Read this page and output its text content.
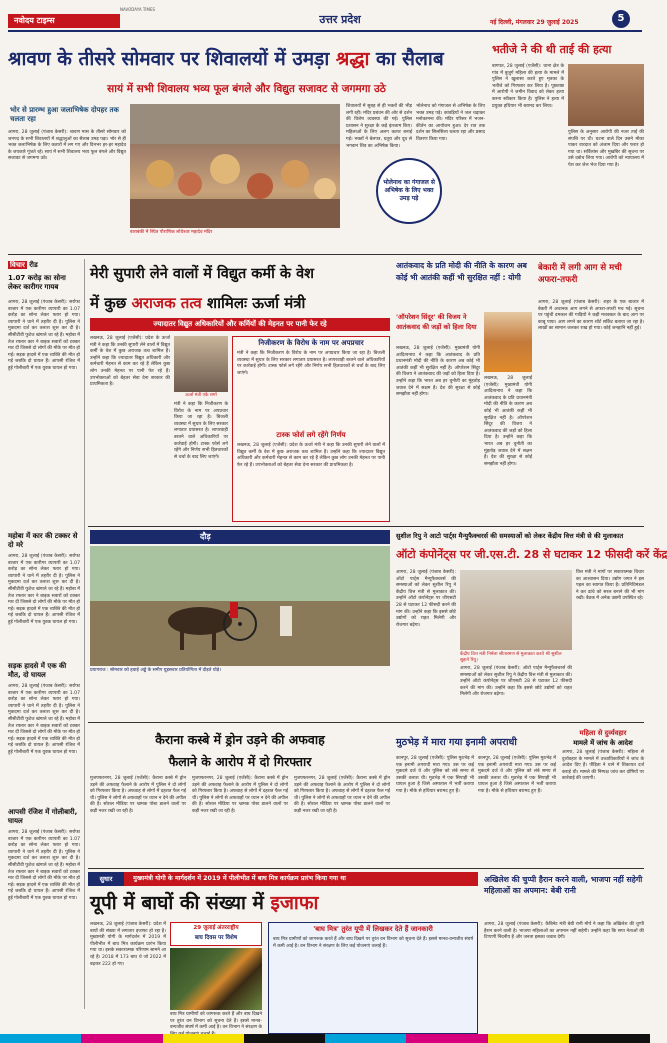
नवोदय टाइम्स
NAVODAYA TIMES
उत्तर प्रदेश	नई दिल्ली, मंगलवार 29 जुलाई 2025	5
श्रावण के तीसरे सोमवार पर शिवालयों में उमड़ा श्रद्धा का सैलाब
सायं में सभी शिवालय भव्य फूल बंगले और विद्युत सजावट से जगमगा उठे
भोर से प्रारम्भ हुआ जलाभिषेक दोपहर तक चलता रहा
बाराबंकी में स्थित पौराणिक लोधेश्वर महादेव मंदिर
आगरा, 28 जुलाई (पंजाब केसरी): श्रावण मास के तीसरे सोमवार को जनपद के सभी शिवालयों में श्रद्धालुओं का सैलाब उमड़ पड़ा। भोर से ही भक्त जलाभिषेक के लिए कतारों में लग गए और दिनभर हर-हर महादेव के जयकारे गूंजते रहे। सायं में सभी शिवालय भव्य फूल बंगले और विद्युत सजावट से जगमगा उठे।
शिवालयों में सुबह से ही भक्तों की भीड़ लगी रही। मंदिर प्रबंधन की ओर से दर्शन की विशेष व्यवस्था की गई। पुलिस प्रशासन ने सुरक्षा के कड़े इंतजाम किए। महिलाओं के लिए अलग कतार बनाई गई। भक्तों ने बेलपत्र, धतूरा और दूध से भगवान शिव का अभिषेक किया।
भोलेनाथ को गंगाजल से अभिषेक के लिए भक्त उमड़ पड़े। कांवड़ियों ने जल चढ़ाकर मनोकामना की। मंदिर परिसर में भजन-कीर्तन का आयोजन हुआ। देर रात तक दर्शन का सिलसिला चलता रहा और प्रसाद वितरण किया गया।
भोलेनाथ का गंगाजल से अभिषेक के लिए भक्त उमड़ पड़े
भतीजे ने की थी ताई की हत्या
बागपत, 28 जुलाई (एजेंसी): थाना क्षेत्र के गांव में बुजुर्ग महिला की हत्या के मामले में पुलिस ने खुलासा करते हुए मृतका के भतीजे को गिरफ्तार कर लिया है। पूछताछ में आरोपी ने जमीन विवाद को लेकर हत्या करना स्वीकार किया है। पुलिस ने हत्या में प्रयुक्त हथियार भी बरामद कर लिया।
पुलिस के अनुसार आरोपी की नजर ताई की संपत्ति पर थी। घटना वाले दिन उसने मौका पाकर वारदात को अंजाम दिया और फरार हो गया था। सर्विलांस और मुखबिर की सूचना पर उसे दबोच लिया गया। आरोपी को न्यायालय में पेश कर जेल भेज दिया गया है।
विचार रीड
1.07 करोड़ का सोना लेकर कारीगर गायब
आगरा, 28 जुलाई (पंजाब केसरी): सर्राफा बाजार में एक कारीगर व्यापारी का 1.07 करोड़ का सोना लेकर फरार हो गया। व्यापारी ने थाने में तहरीर दी है। पुलिस ने मुकदमा दर्ज कर तलाश शुरू कर दी है। सीसीटीवी फुटेज खंगाले जा रहे हैं। महोबा में तेज रफ्तार कार ने बाइक सवारों को टक्कर मार दी जिससे दो लोगों की मौके पर मौत हो गई। सड़क हादसे में एक व्यक्ति की मौत हो गई जबकि दो घायल हैं। आपसी रंजिश में हुई गोलीबारी में एक युवक घायल हो गया।
महोबा में कार की टक्कर से दो मरे
आगरा, 28 जुलाई (पंजाब केसरी): सर्राफा बाजार में एक कारीगर व्यापारी का 1.07 करोड़ का सोना लेकर फरार हो गया। व्यापारी ने थाने में तहरीर दी है। पुलिस ने मुकदमा दर्ज कर तलाश शुरू कर दी है। सीसीटीवी फुटेज खंगाले जा रहे हैं। महोबा में तेज रफ्तार कार ने बाइक सवारों को टक्कर मार दी जिससे दो लोगों की मौके पर मौत हो गई। सड़क हादसे में एक व्यक्ति की मौत हो गई जबकि दो घायल हैं। आपसी रंजिश में हुई गोलीबारी में एक युवक घायल हो गया।
सड़क हादसे में एक की मौत, दो घायल
आगरा, 28 जुलाई (पंजाब केसरी): सर्राफा बाजार में एक कारीगर व्यापारी का 1.07 करोड़ का सोना लेकर फरार हो गया। व्यापारी ने थाने में तहरीर दी है। पुलिस ने मुकदमा दर्ज कर तलाश शुरू कर दी है। सीसीटीवी फुटेज खंगाले जा रहे हैं। महोबा में तेज रफ्तार कार ने बाइक सवारों को टक्कर मार दी जिससे दो लोगों की मौके पर मौत हो गई। सड़क हादसे में एक व्यक्ति की मौत हो गई जबकि दो घायल हैं। आपसी रंजिश में हुई गोलीबारी में एक युवक घायल हो गया।
आपसी रंजिश में गोलीबारी, घायल
आगरा, 28 जुलाई (पंजाब केसरी): सर्राफा बाजार में एक कारीगर व्यापारी का 1.07 करोड़ का सोना लेकर फरार हो गया। व्यापारी ने थाने में तहरीर दी है। पुलिस ने मुकदमा दर्ज कर तलाश शुरू कर दी है। सीसीटीवी फुटेज खंगाले जा रहे हैं। महोबा में तेज रफ्तार कार ने बाइक सवारों को टक्कर मार दी जिससे दो लोगों की मौके पर मौत हो गई। सड़क हादसे में एक व्यक्ति की मौत हो गई जबकि दो घायल हैं। आपसी रंजिश में हुई गोलीबारी में एक युवक घायल हो गया।
मेरी सुपारी लेने वालों में विद्युत कर्मी के वेश
में कुछ अराजक तत्व शामिलः ऊर्जा मंत्री
ज्यादातर विद्युत अधिकारियों और कर्मियों की मेहनत पर पानी फेर रहे
लखनऊ, 28 जुलाई (एजेंसी): प्रदेश के ऊर्जा मंत्री ने कहा कि उनकी सुपारी लेने वालों में विद्युत कर्मी के वेश में कुछ अराजक तत्व शामिल हैं। उन्होंने कहा कि ज्यादातर विद्युत अधिकारी और कर्मचारी मेहनत से काम कर रहे हैं लेकिन कुछ लोग उनकी मेहनत पर पानी फेर रहे हैं। उपभोक्ताओं को बेहतर सेवा देना सरकार की प्राथमिकता है।
ऊर्जा मंत्री एके शर्मा
मंत्री ने कहा कि निजीकरण के विरोध के नाम पर अपप्रचार किया जा रहा है। बिजली व्यवस्था में सुधार के लिए सरकार लगातार प्रयासरत है। लापरवाही बरतने वाले अधिकारियों पर कार्रवाई होगी। टास्क फोर्स लगे रहेंगे और निर्णय सभी हितधारकों से चर्चा के बाद लिए जाएंगे।
निजीकरण के विरोध के नाम पर अपप्रचार
मंत्री ने कहा कि निजीकरण के विरोध के नाम पर अपप्रचार किया जा रहा है। बिजली व्यवस्था में सुधार के लिए सरकार लगातार प्रयासरत है। लापरवाही बरतने वाले अधिकारियों पर कार्रवाई होगी। टास्क फोर्स लगे रहेंगे और निर्णय सभी हितधारकों से चर्चा के बाद लिए जाएंगे।
टास्क फोर्स लगे रहेंगे निर्णय
लखनऊ, 28 जुलाई (एजेंसी): प्रदेश के ऊर्जा मंत्री ने कहा कि उनकी सुपारी लेने वालों में विद्युत कर्मी के वेश में कुछ अराजक तत्व शामिल हैं। उन्होंने कहा कि ज्यादातर विद्युत अधिकारी और कर्मचारी मेहनत से काम कर रहे हैं लेकिन कुछ लोग उनकी मेहनत पर पानी फेर रहे हैं। उपभोक्ताओं को बेहतर सेवा देना सरकार की प्राथमिकता है।
आतंकवाद के प्रति मोदी की नीति के कारण अब कोई भी आतंकी कहीं भी सुरक्षित नहीं : योगी
'ऑपरेशन सिंदूर' की विजय ने आतंकवाद की जड़ों को हिला दिया
लखनऊ, 28 जुलाई (एजेंसी): मुख्यमंत्री योगी आदित्यनाथ ने कहा कि आतंकवाद के प्रति प्रधानमंत्री मोदी की नीति के कारण अब कोई भी आतंकी कहीं भी सुरक्षित नहीं है। ऑपरेशन सिंदूर की विजय ने आतंकवाद की जड़ों को हिला दिया है। उन्होंने कहा कि भारत अब हर चुनौती का मुंहतोड़ जवाब देने में सक्षम है। देश की सुरक्षा से कोई समझौता नहीं होगा।
लखनऊ, 28 जुलाई (एजेंसी): मुख्यमंत्री योगी आदित्यनाथ ने कहा कि आतंकवाद के प्रति प्रधानमंत्री मोदी की नीति के कारण अब कोई भी आतंकी कहीं भी सुरक्षित नहीं है। ऑपरेशन सिंदूर की विजय ने आतंकवाद की जड़ों को हिला दिया है। उन्होंने कहा कि भारत अब हर चुनौती का मुंहतोड़ जवाब देने में सक्षम है। देश की सुरक्षा से कोई समझौता नहीं होगा।
बेकारी में लगी आग से मची अफरा-तफरी
आगरा, 28 जुलाई (पंजाब केसरी): शहर के एक बाजार में बेकरी में अचानक आग लगने से अफरा-तफरी मच गई। सूचना पर पहुंची दमकल की गाड़ियों ने कड़ी मशक्कत के बाद आग पर काबू पाया। आग लगने का कारण शॉर्ट सर्किट बताया जा रहा है। लाखों का सामान जलकर राख हो गया। कोई जनहानि नहीं हुई।
दौड़
प्रयागराज : सोमवार को हवाई अड्डे के समीप घुड़सवार प्रतियोगिता में दौड़ते घोड़े।
सुशील रिपु ने आटो पार्ट्स मैन्युफैक्चरर्स की समस्याओं को लेकर केंद्रीय वित्त मंत्री से की मुलाकात
ऑटो कंपोनेंट्स पर जी.एस.टी. 28 से घटाकर 12 फीसदी करें केंद्र
आगरा, 28 जुलाई (पंजाब केसरी): ऑटो पार्ट्स मैन्युफैक्चरर्स की समस्याओं को लेकर सुशील रिपु ने केंद्रीय वित्त मंत्री से मुलाकात की। उन्होंने ऑटो कंपोनेंट्स पर जीएसटी 28 से घटाकर 12 फीसदी करने की मांग की। उन्होंने कहा कि इससे छोटे उद्योगों को राहत मिलेगी और रोजगार बढ़ेगा।
केंद्रीय वित्त मंत्री निर्मला सीतारमण से मुलाकात करते श्री सुशील सुहाने रिपु।
वित्त मंत्री ने मांगों पर सकारात्मक विचार का आश्वासन दिया। उद्योग जगत ने इस पहल का स्वागत किया है। प्रतिनिधिमंडल ने कर ढांचे को सरल बनाने की भी मांग रखी। बैठक में अनेक उद्यमी उपस्थित रहे।
आगरा, 28 जुलाई (पंजाब केसरी): ऑटो पार्ट्स मैन्युफैक्चरर्स की समस्याओं को लेकर सुशील रिपु ने केंद्रीय वित्त मंत्री से मुलाकात की। उन्होंने ऑटो कंपोनेंट्स पर जीएसटी 28 से घटाकर 12 फीसदी करने की मांग की। उन्होंने कहा कि इससे छोटे उद्योगों को राहत मिलेगी और रोजगार बढ़ेगा।
कैराना कस्बे में ड्रोन उड़ने की अफवाह
फैलाने के आरोप में दो गिरफ्तार
मुजफ्फरनगर, 28 जुलाई (एजेंसी): कैराना कस्बे में ड्रोन उड़ने की अफवाह फैलाने के आरोप में पुलिस ने दो लोगों को गिरफ्तार किया है। अफवाह से लोगों में दहशत फैल गई थी। पुलिस ने लोगों से अफवाहों पर ध्यान न देने की अपील की है। सोशल मीडिया पर भ्रामक पोस्ट डालने वालों पर कड़ी नजर रखी जा रही है।
मुजफ्फरनगर, 28 जुलाई (एजेंसी): कैराना कस्बे में ड्रोन उड़ने की अफवाह फैलाने के आरोप में पुलिस ने दो लोगों को गिरफ्तार किया है। अफवाह से लोगों में दहशत फैल गई थी। पुलिस ने लोगों से अफवाहों पर ध्यान न देने की अपील की है। सोशल मीडिया पर भ्रामक पोस्ट डालने वालों पर कड़ी नजर रखी जा रही है।
मुजफ्फरनगर, 28 जुलाई (एजेंसी): कैराना कस्बे में ड्रोन उड़ने की अफवाह फैलाने के आरोप में पुलिस ने दो लोगों को गिरफ्तार किया है। अफवाह से लोगों में दहशत फैल गई थी। पुलिस ने लोगों से अफवाहों पर ध्यान न देने की अपील की है। सोशल मीडिया पर भ्रामक पोस्ट डालने वालों पर कड़ी नजर रखी जा रही है।
मुठभेड़ में मारा गया इनामी अपराधी
कानपुर, 28 जुलाई (एजेंसी): पुलिस मुठभेड़ में एक इनामी अपराधी मारा गया। उस पर कई मुकदमे दर्ज थे और पुलिस को लंबे समय से उसकी तलाश थी। मुठभेड़ में एक सिपाही भी घायल हुआ है जिसे अस्पताल में भर्ती कराया गया है। मौके से हथियार बरामद हुए हैं।
कानपुर, 28 जुलाई (एजेंसी): पुलिस मुठभेड़ में एक इनामी अपराधी मारा गया। उस पर कई मुकदमे दर्ज थे और पुलिस को लंबे समय से उसकी तलाश थी। मुठभेड़ में एक सिपाही भी घायल हुआ है जिसे अस्पताल में भर्ती कराया गया है। मौके से हथियार बरामद हुए हैं।
महिला से दुर्व्यवहार
मामले में जांच के आदेश
आगरा, 28 जुलाई (पंजाब केसरी): महिला से दुर्व्यवहार के मामले में उच्चाधिकारियों ने जांच के आदेश दिए हैं। पीड़िता ने थाने में शिकायत दर्ज कराई थी। मामले की निष्पक्ष जांच कर दोषियों पर कार्रवाई की जाएगी।
सुधार	मुख्यमंत्री योगी के मार्गदर्शन में 2019 में पीलीभीत में बाघ मित्र कार्यक्रम प्रारंभ किया गया था
यूपी में बाघों की संख्या में इजाफा
लखनऊ, 28 जुलाई (पंजाब केसरी): प्रदेश में बाघों की संख्या में लगातार इजाफा हो रहा है। मुख्यमंत्री योगी के मार्गदर्शन में 2019 में पीलीभीत में बाघ मित्र कार्यक्रम प्रारंभ किया गया था। इसके सकारात्मक परिणाम सामने आ रहे हैं। 2018 में 173 बाघ थे जो 2022 में बढ़कर 222 हो गए।
29 जुलाई अंतरराष्ट्रीय
बाघ दिवस पर विशेष
बाघ मित्र ग्रामीणों को जागरूक करते हैं और बाघ दिखने पर तुरंत वन विभाग को सूचना देते हैं। इससे मानव-वन्यजीव संघर्ष में कमी आई है। वन विभाग ने संरक्षण के
'बाघ मित्र' तुरंत यूपी में लिखकर देते हैं जानकारी
बाघ मित्र ग्रामीणों को जागरूक करते हैं और बाघ दिखने पर तुरंत वन विभाग को सूचना देते हैं। इससे मानव-वन्यजीव संघर्ष में कमी आई है। वन विभाग ने संरक्षण के लिए कई योजनाएं चलाई हैं।
अखिलेश की चुप्पी हैरान करने वाली, भाजपा नहीं सहेगी महिलाओं का अपमान: बेबी रानी
आगरा, 28 जुलाई (पंजाब केसरी): कैबिनेट मंत्री बेबी रानी मौर्य ने कहा कि अखिलेश की चुप्पी हैरान करने वाली है। भाजपा महिलाओं का अपमान नहीं सहेगी। उन्होंने कहा कि सपा नेताओं की टिप्पणी निंदनीय है और जनता इसका जवाब देगी।
